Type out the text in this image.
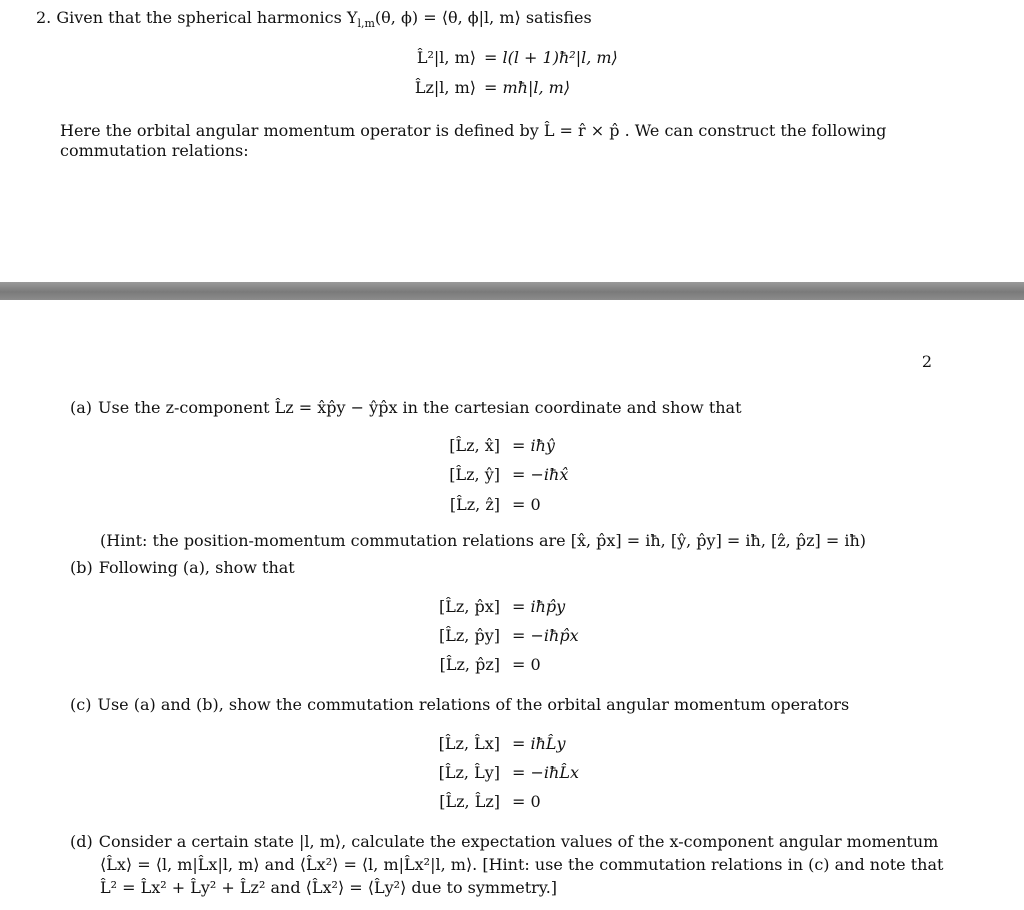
2. Given that the spherical harmonics $Y_{l,m}(\theta$, ϕ) = ⟨θ, ϕ|l, m⟩ satisfies
L̂²|l, m⟩ = l(l + 1)ħ²|l, m⟩
L̂z|l, m⟩ = mħ|l, m⟩
Here the orbital angular momentum operator is defined by L̂ = r̂ × p̂ . We can construct the following
commutation relations:
2
(a) Use the z-component L̂z = x̂p̂y − ŷp̂x in the cartesian coordinate and show that
[L̂z, x̂] = iħŷ
[L̂z, ŷ] = −iħx̂
[L̂z, ẑ] = 0
(Hint: the position-momentum commutation relations are [x̂, p̂x] = iħ, [ŷ, p̂y] = iħ, [ẑ, p̂z] = iħ)
(b) Following (a), show that
[L̂z, p̂x] = iħp̂y
[L̂z, p̂y] = −iħp̂x
[L̂z, p̂z] = 0
(c) Use (a) and (b), show the commutation relations of the orbital angular momentum operators
[L̂z, L̂x] = iħL̂y
[L̂z, L̂y] = −iħL̂x
[L̂z, L̂z] = 0
(d) Consider a certain state |l, m⟩, calculate the expectation values of the x-component angular momentum
⟨L̂x⟩ = ⟨l, m|L̂x|l, m⟩ and ⟨L̂x²⟩ = ⟨l, m|L̂x²|l, m⟩. [Hint: use the commutation relations in (c) and note that
L̂² = L̂x² + L̂y² + L̂z² and ⟨L̂x²⟩ = ⟨L̂y²⟩ due to symmetry.]
